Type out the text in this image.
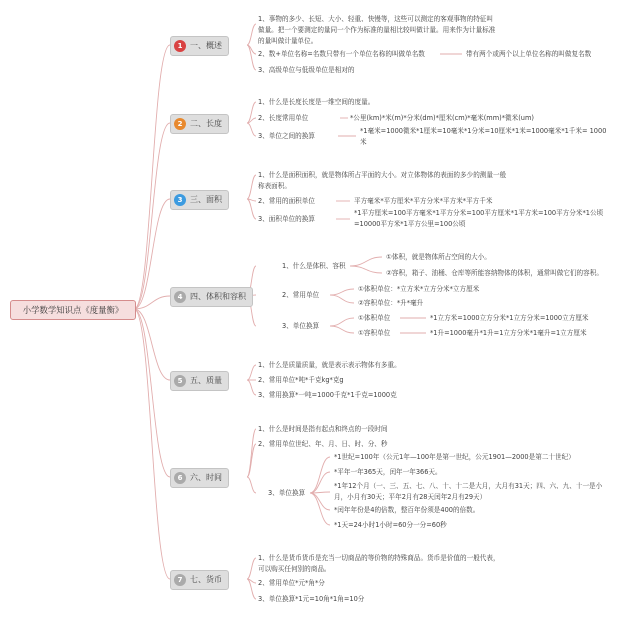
小学数学知识点《度量衡》
1 一、概述
1、事物的多少、长短、大小、轻重、快慢等，这些可以测定的客观事物的特征叫做量。把一个要测定的量同一个作为标准的量相比较叫做计量。用来作为计量标准的量叫做计量单位。
2、数+单位名称=名数只带有一个单位名称的叫做单名数	带有两个或两个以上单位名称的叫做复名数
3、高级单位与低级单位是相对的
2 二、长度
1、什么是长度长度是一维空间的度量。
2、长度常用单位	*公里(km)*米(m)*分米(dm)*厘米(cm)*毫米(mm)*微米(um)
3、单位之间的换算
*1毫米=1000微米*1厘米=10毫米*1分米=10厘米*1米=1000毫米*1千米= 1000米
3 三、面积
1、什么是面积面积，就是物体所占平面的大小。对立体物体的表面的多少的测量一般称表面积。
2、常用的面积单位	平方毫米*平方厘米*平方分米*平方米*平方千米
3、面积单位的换算
*1平方厘米=100平方毫米*1平方分米=100平方厘米*1平方米=100平方分米*1公顷=10000平方米*1平方公里=100公顷
4 四、体积和容积
1、什么是体积、容积
2、常用单位
3、单位换算
①体积，就是物体所占空间的大小。
②容积，箱子、油桶、仓库等所能容纳物体的体积，通常叫做它们的容积。
①体积单位：*立方米*立方分米*立方厘米
②容积单位：*升*毫升
①体积单位	*1立方米=1000立方分米*1立方分米=1000立方厘米
①容积单位	*1升=1000毫升*1升=1立方分米*1毫升=1立方厘米
5 五、质量
1、什么是质量质量，就是表示表示物体有多重。
2、常用单位*吨*千克kg*克g
3、常用换算*一吨=1000千克*1千克=1000克
6 六、时间
1、什么是时间是指有起点和终点的一段时间
2、常用单位世纪、年、月、日、时、分、秒
3、单位换算
*1世纪=100年（公元1年—100年是第一世纪，公元1901—2000是第二十世纪）
*平年一年365天，闰年一年366天。
*1年12个月（一、三、五、七、八、十、十二是大月，大月有31天；四、六、九、十一是小月，小月有30天；平年2月有28天闰年2月有29天）
*闰年年份是4的倍数，整百年份须是400的倍数。
*1天=24小时1小时=60分一分=60秒
7 七、货币
1、什么是货币货币是充当一切商品的等价物的特殊商品。货币是价值的一般代表，可以购买任何别的商品。
2、常用单位*元*角*分
3、单位换算*1元=10角*1角=10分
